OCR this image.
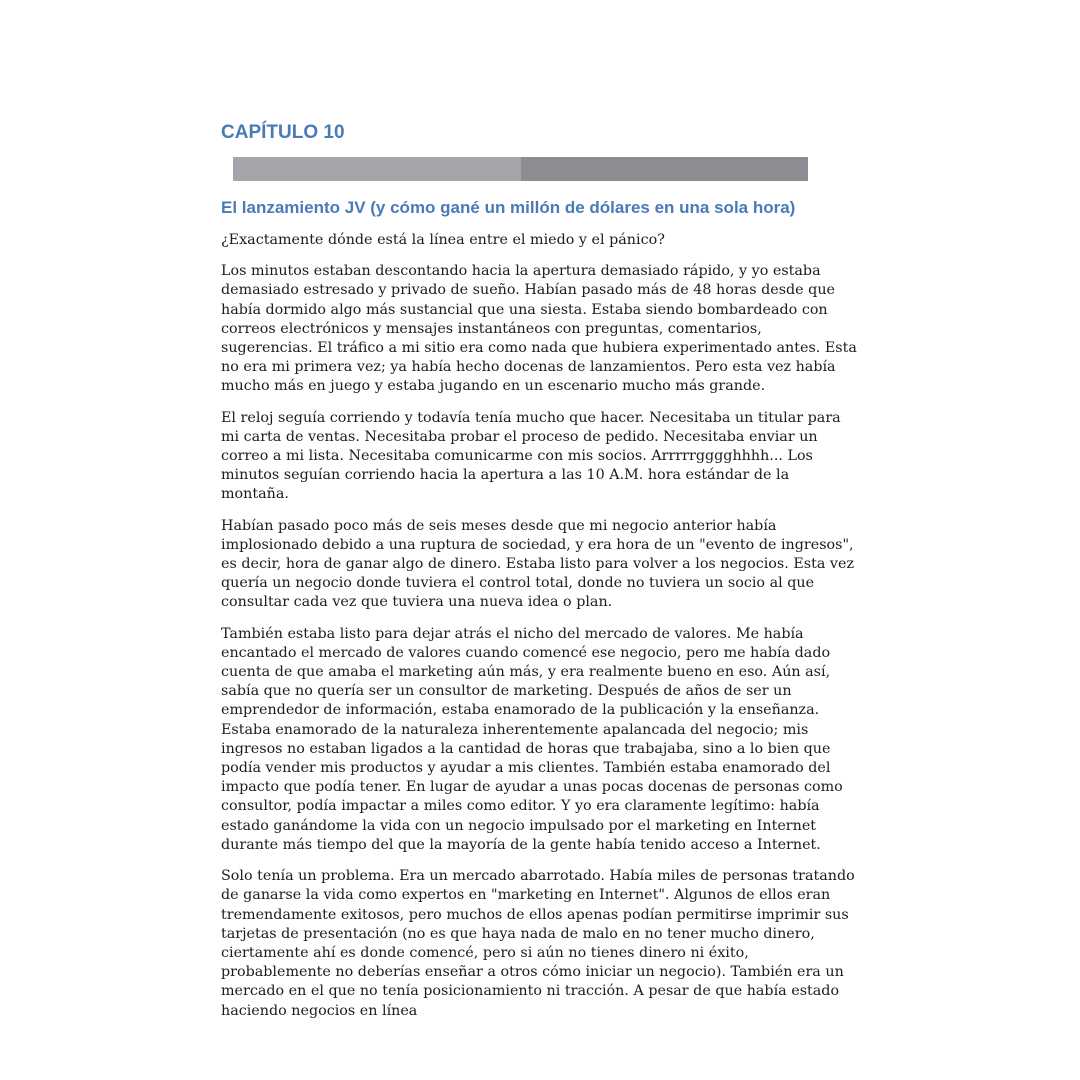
CAPÍTULO 10
El lanzamiento JV (y cómo gané un millón de dólares en una sola hora)

¿Exactamente dónde está la línea entre el miedo y el pánico?

Los minutos estaban descontando hacia la apertura demasiado rápido, y yo estaba demasiado estresado y privado de sueño. Habían pasado más de 48 horas desde que había dormido algo más sustancial que una siesta. Estaba siendo bombardeado con correos electrónicos y mensajes instantáneos con preguntas, comentarios, sugerencias. El tráfico a mi sitio era como nada que hubiera experimentado antes. Esta no era mi primera vez; ya había hecho docenas de lanzamientos. Pero esta vez había mucho más en juego y estaba jugando en un escenario mucho más grande.

El reloj seguía corriendo y todavía tenía mucho que hacer. Necesitaba un titular para mi carta de ventas. Necesitaba probar el proceso de pedido. Necesitaba enviar un correo a mi lista. Necesitaba comunicarme con mis socios. Arrrrrgggghhhh... Los minutos seguían corriendo hacia la apertura a las 10 A.M. hora estándar de la montaña.

Habían pasado poco más de seis meses desde que mi negocio anterior había implosionado debido a una ruptura de sociedad, y era hora de un "evento de ingresos", es decir, hora de ganar algo de dinero. Estaba listo para volver a los negocios. Esta vez quería un negocio donde tuviera el control total, donde no tuviera un socio al que consultar cada vez que tuviera una nueva idea o plan.

También estaba listo para dejar atrás el nicho del mercado de valores. Me había encantado el mercado de valores cuando comencé ese negocio, pero me había dado cuenta de que amaba el marketing aún más, y era realmente bueno en eso. Aún así, sabía que no quería ser un consultor de marketing. Después de años de ser un emprendedor de información, estaba enamorado de la publicación y la enseñanza. Estaba enamorado de la naturaleza inherentemente apalancada del negocio; mis ingresos no estaban ligados a la cantidad de horas que trabajaba, sino a lo bien que podía vender mis productos y ayudar a mis clientes. También estaba enamorado del impacto que podía tener. En lugar de ayudar a unas pocas docenas de personas como consultor, podía impactar a miles como editor. Y yo era claramente legítimo: había estado ganándome la vida con un negocio impulsado por el marketing en Internet durante más tiempo del que la mayoría de la gente había tenido acceso a Internet.

Solo tenía un problema. Era un mercado abarrotado. Había miles de personas tratando de ganarse la vida como expertos en "marketing en Internet". Algunos de ellos eran tremendamente exitosos, pero muchos de ellos apenas podían permitirse imprimir sus tarjetas de presentación (no es que haya nada de malo en no tener mucho dinero, ciertamente ahí es donde comencé, pero si aún no tienes dinero ni éxito, probablemente no deberías enseñar a otros cómo iniciar un negocio). También era un mercado en el que no tenía posicionamiento ni tracción. A pesar de que había estado haciendo negocios en línea
